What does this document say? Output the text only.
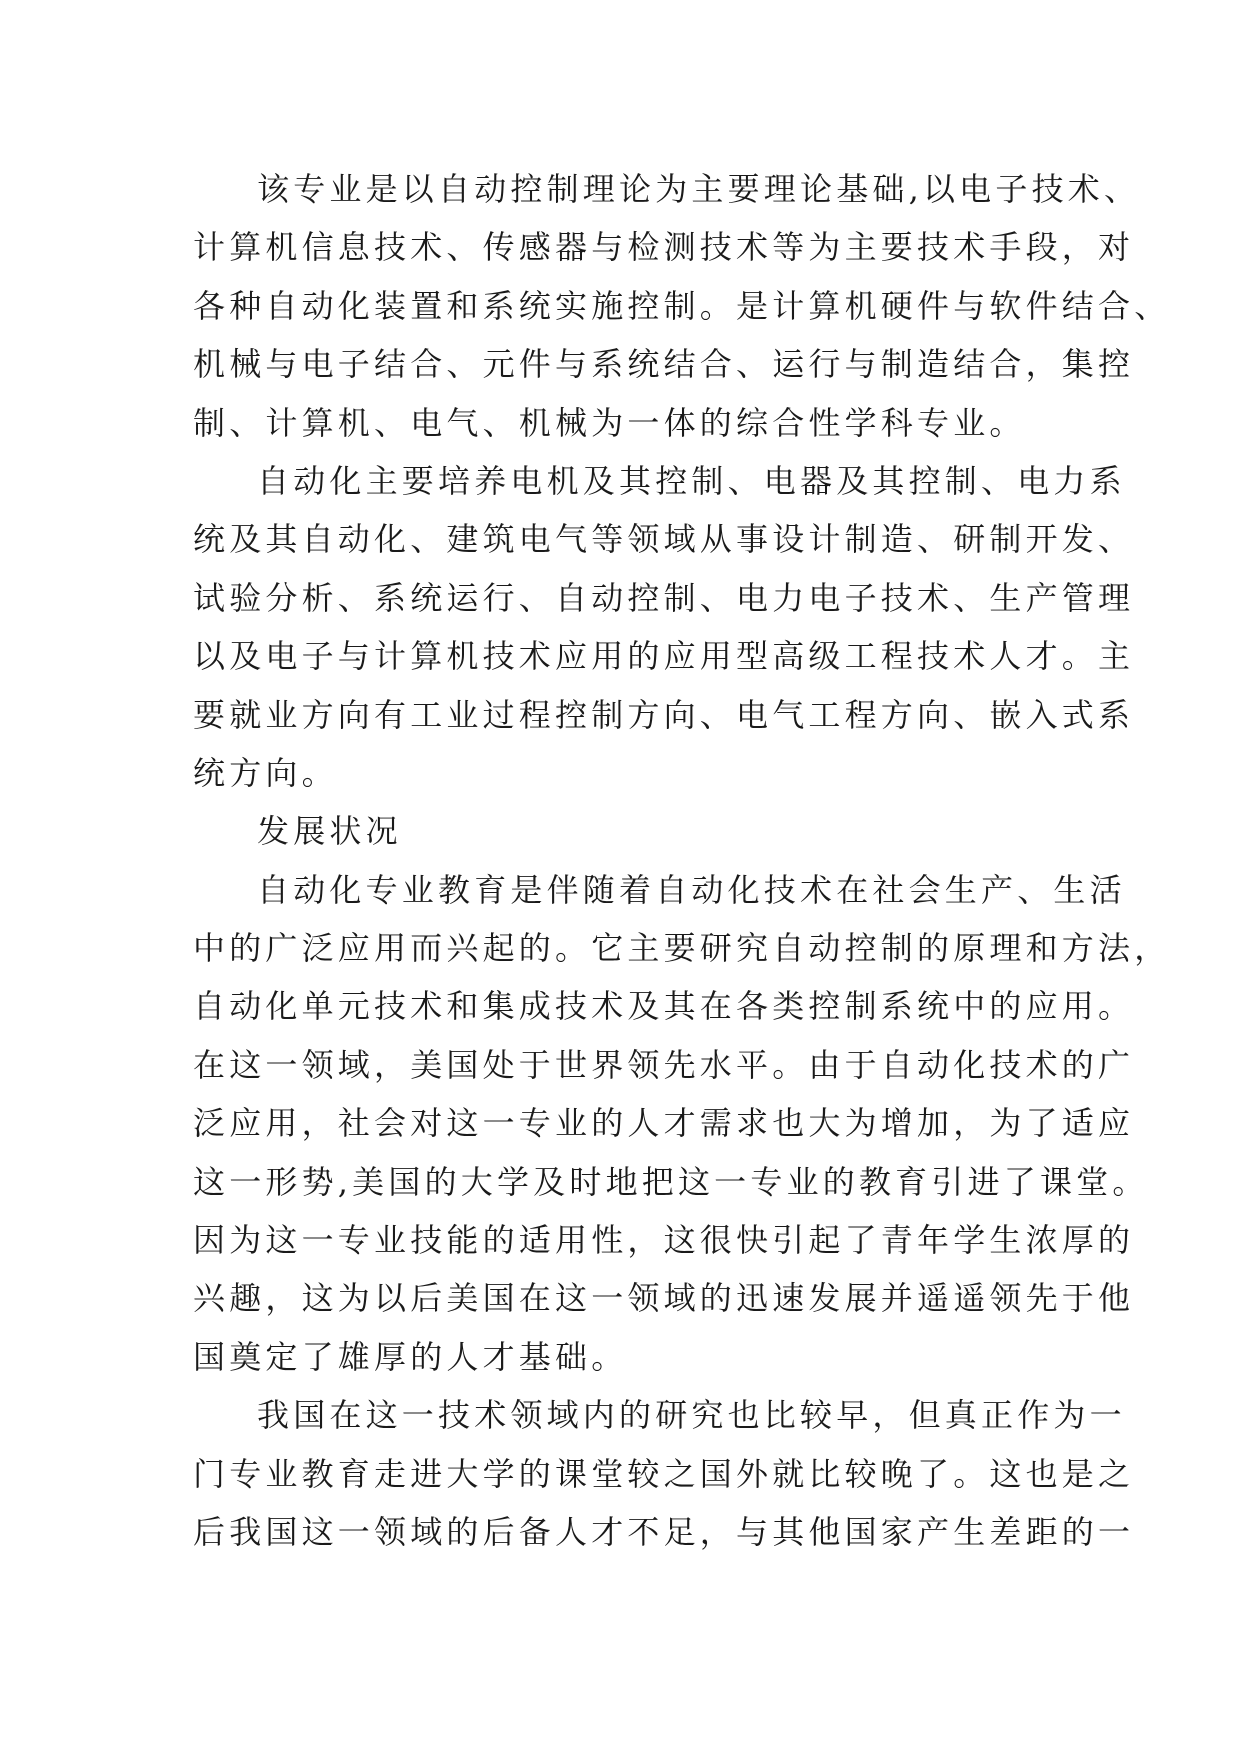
该专业是以自动控制理论为主要理论基础,以电子技术、
计算机信息技术、传感器与检测技术等为主要技术手段，对
各种自动化装置和系统实施控制。是计算机硬件与软件结合、
机械与电子结合、元件与系统结合、运行与制造结合，集控
制、计算机、电气、机械为一体的综合性学科专业。
自动化主要培养电机及其控制、电器及其控制、电力系
统及其自动化、建筑电气等领域从事设计制造、研制开发、
试验分析、系统运行、自动控制、电力电子技术、生产管理
以及电子与计算机技术应用的应用型高级工程技术人才。主
要就业方向有工业过程控制方向、电气工程方向、嵌入式系
统方向。
发展状况
自动化专业教育是伴随着自动化技术在社会生产、生活
中的广泛应用而兴起的。它主要研究自动控制的原理和方法，
自动化单元技术和集成技术及其在各类控制系统中的应用。
在这一领域，美国处于世界领先水平。由于自动化技术的广
泛应用，社会对这一专业的人才需求也大为增加，为了适应
这一形势,美国的大学及时地把这一专业的教育引进了课堂。
因为这一专业技能的适用性，这很快引起了青年学生浓厚的
兴趣，这为以后美国在这一领域的迅速发展并遥遥领先于他
国奠定了雄厚的人才基础。
我国在这一技术领域内的研究也比较早，但真正作为一
门专业教育走进大学的课堂较之国外就比较晚了。这也是之
后我国这一领域的后备人才不足，与其他国家产生差距的一
